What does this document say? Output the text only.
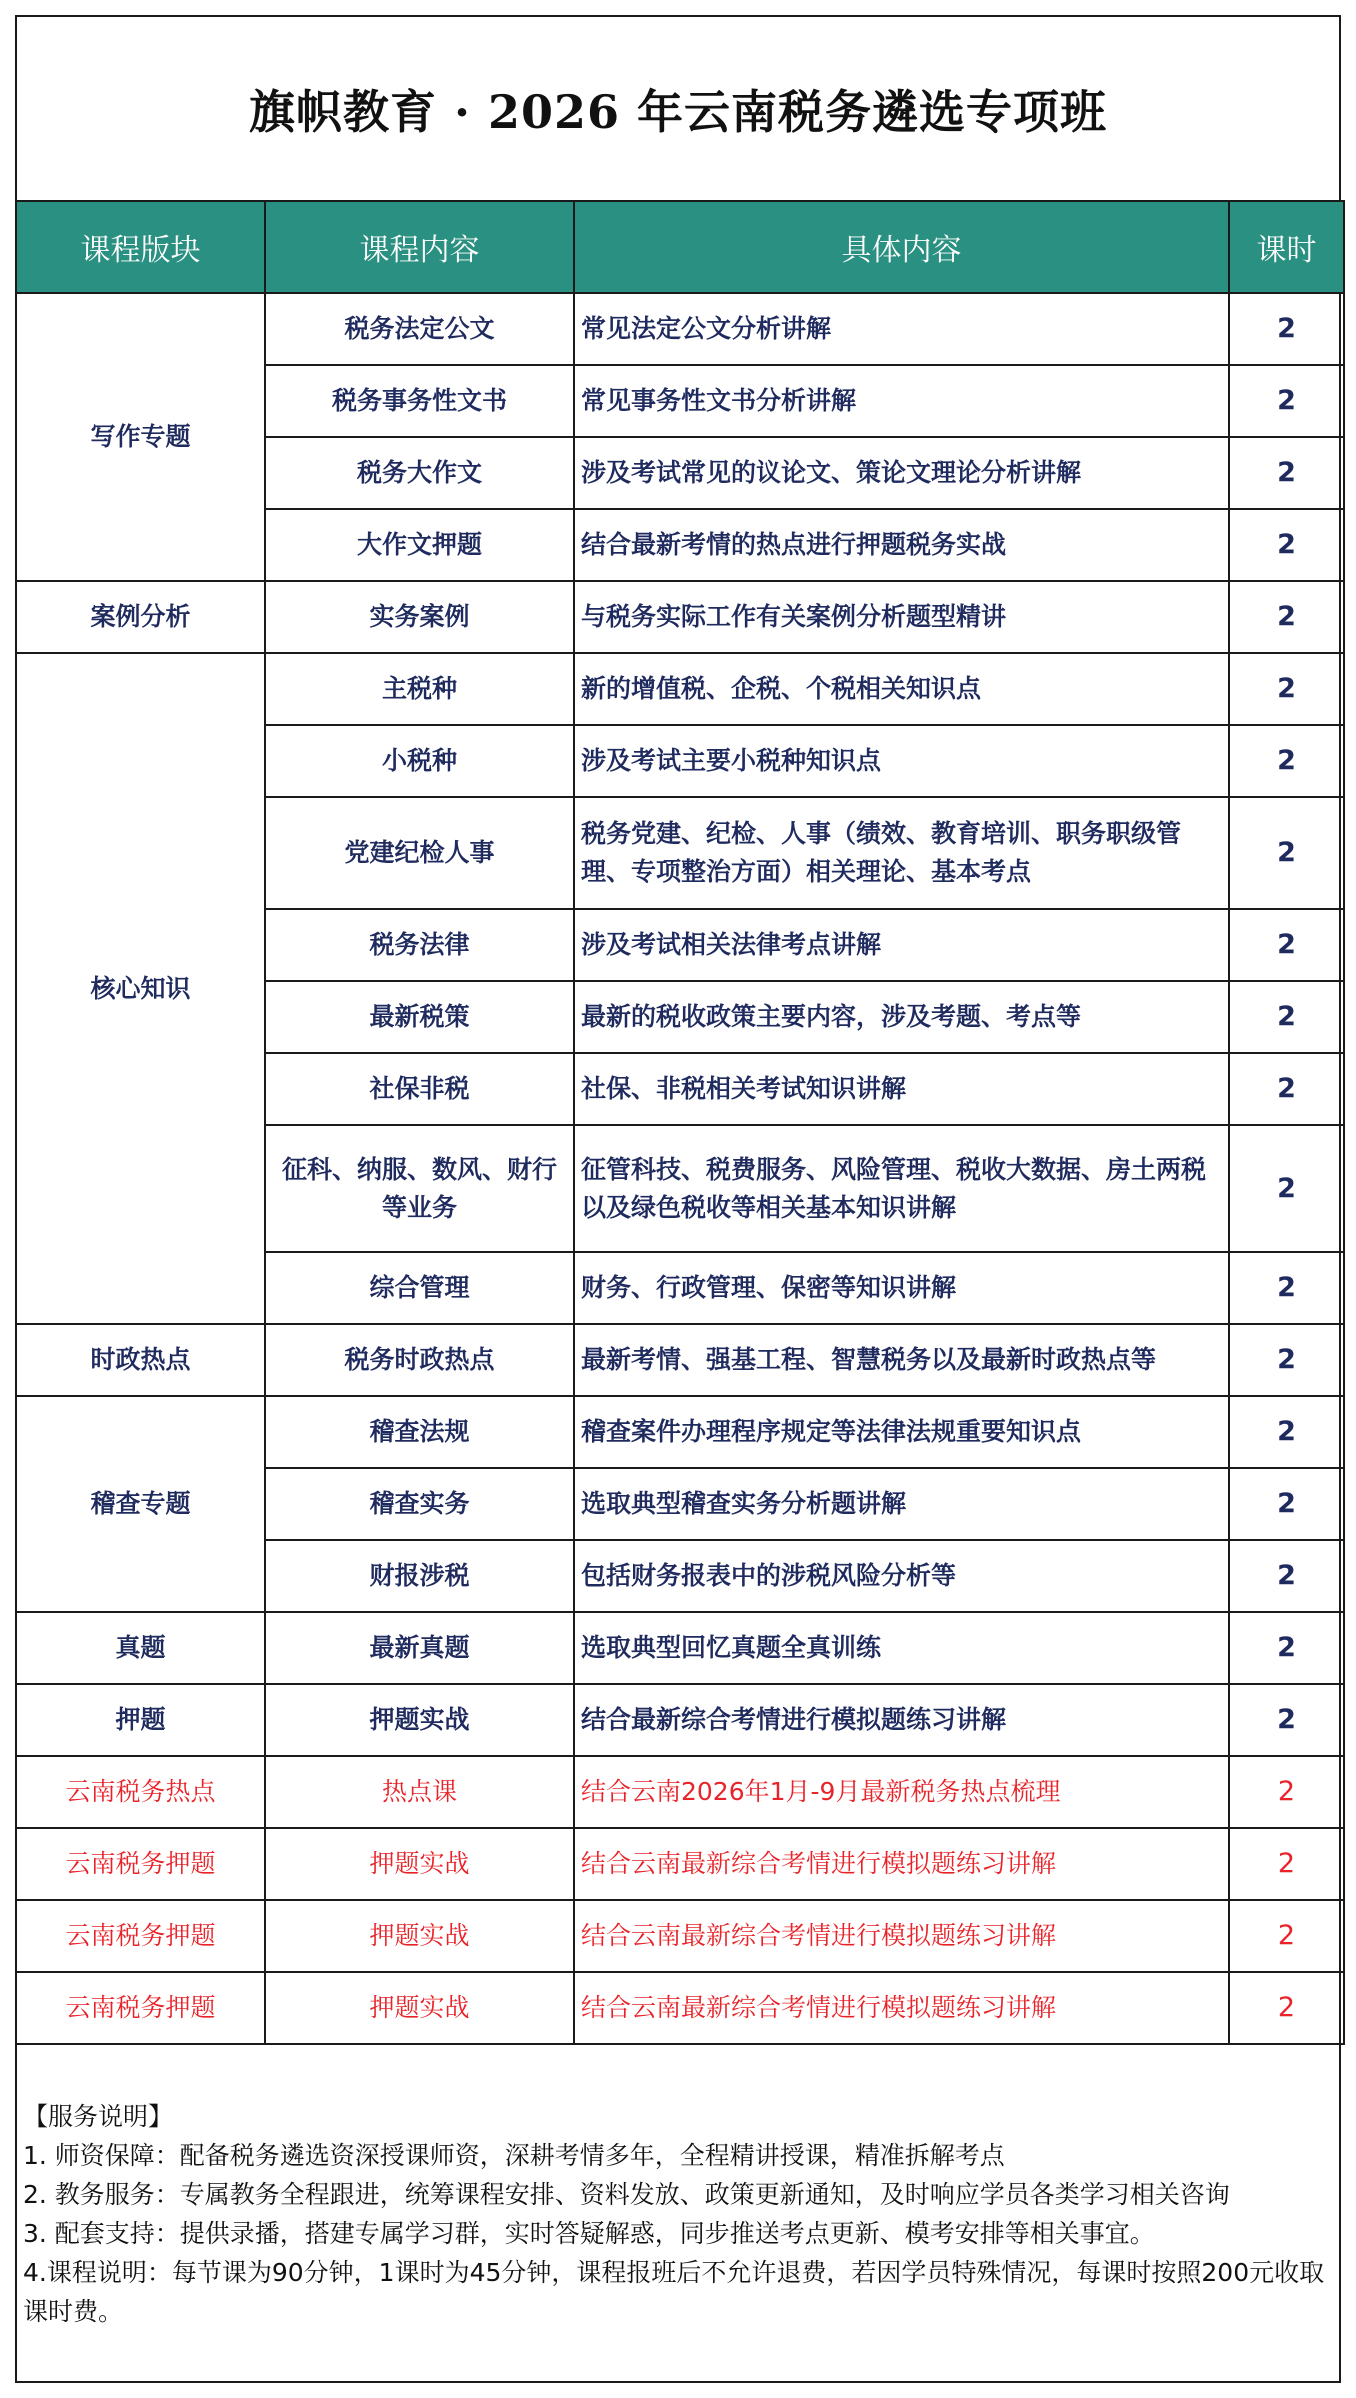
旗帜教育 · 2026 年云南税务遴选专项班
课程版块	课程内容	具体内容	课时
写作专题	税务法定公文	常见法定公文分析讲解	2
	税务事务性文书	常见事务性文书分析讲解	2
	税务大作文	涉及考试常见的议论文、策论文理论分析讲解	2
	大作文押题	结合最新考情的热点进行押题税务实战	2
案例分析	实务案例	与税务实际工作有关案例分析题型精讲	2
核心知识	主税种	新的增值税、企税、个税相关知识点	2
	小税种	涉及考试主要小税种知识点	2
	党建纪检人事	税务党建、纪检、人事（绩效、教育培训、职务职级管理、专项整治方面）相关理论、基本考点	2
	税务法律	涉及考试相关法律考点讲解	2
	最新税策	最新的税收政策主要内容，涉及考题、考点等	2
	社保非税	社保、非税相关考试知识讲解	2
	征科、纳服、数风、财行等业务	征管科技、税费服务、风险管理、税收大数据、房土两税以及绿色税收等相关基本知识讲解	2
	综合管理	财务、行政管理、保密等知识讲解	2
时政热点	税务时政热点	最新考情、强基工程、智慧税务以及最新时政热点等	2
稽查专题	稽查法规	稽查案件办理程序规定等法律法规重要知识点	2
	稽查实务	选取典型稽查实务分析题讲解	2
	财报涉税	包括财务报表中的涉税风险分析等	2
真题	最新真题	选取典型回忆真题全真训练	2
押题	押题实战	结合最新综合考情进行模拟题练习讲解	2
云南税务热点	热点课	结合云南2026年1月-9月最新税务热点梳理	2
云南税务押题	押题实战	结合云南最新综合考情进行模拟题练习讲解	2
云南税务押题	押题实战	结合云南最新综合考情进行模拟题练习讲解	2
云南税务押题	押题实战	结合云南最新综合考情进行模拟题练习讲解	2

【服务说明】

1. 师资保障：配备税务遴选资深授课师资，深耕考情多年，全程精讲授课，精准拆解考点

2. 教务服务：专属教务全程跟进，统筹课程安排、资料发放、政策更新通知，及时响应学员各类学习相关咨询

3. 配套支持：提供录播，搭建专属学习群，实时答疑解惑，同步推送考点更新、模考安排等相关事宜。

4.课程说明：每节课为90分钟，1课时为45分钟，课程报班后不允许退费，若因学员特殊情况，每课时按照200元收取课时费。
